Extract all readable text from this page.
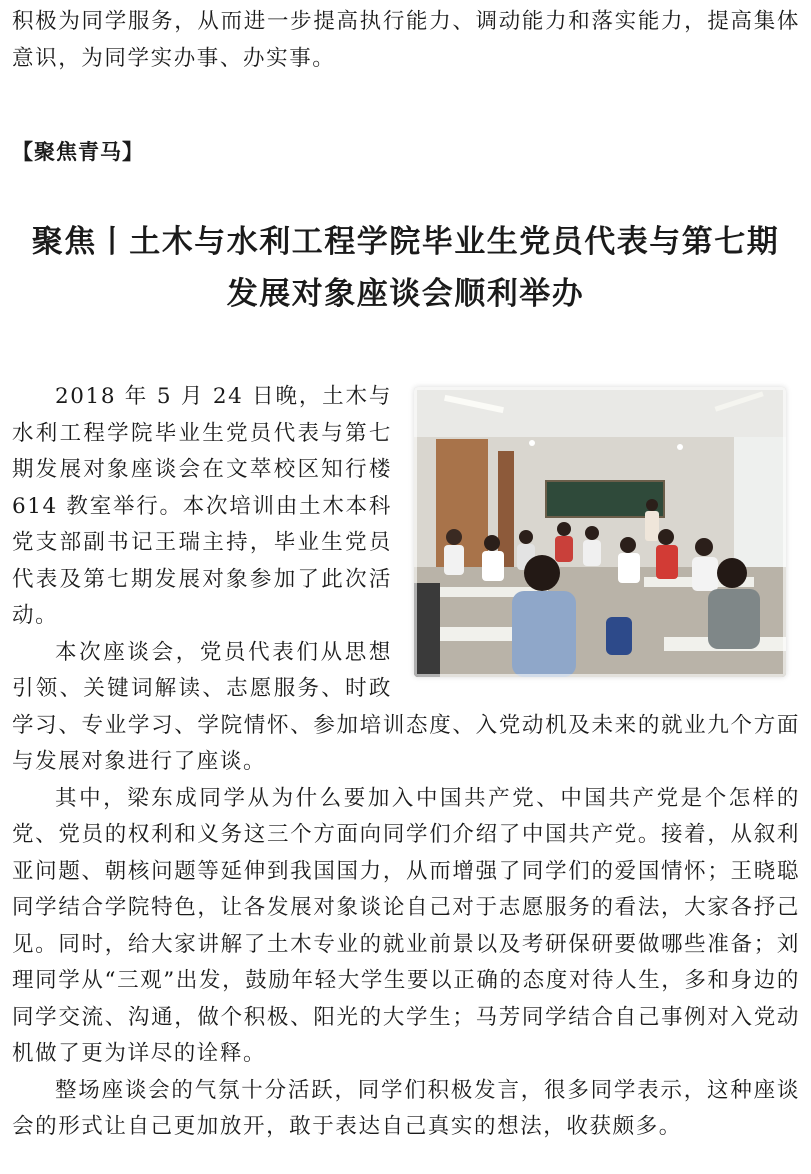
积极为同学服务，从而进一步提高执行能力、调动能力和落实能力，提高集体意识，为同学实办事、办实事。

【聚焦青马】

聚焦丨土木与水利工程学院毕业生党员代表与第七期
发展对象座谈会顺利举办

2018 年 5 月 24 日晚，土木与水利工程学院毕业生党员代表与第七期发展对象座谈会在文萃校区知行楼 614 教室举行。本次培训由土木本科党支部副书记王瑞主持，毕业生党员代表及第七期发展对象参加了此次活动。

本次座谈会，党员代表们从思想引领、关键词解读、志愿服务、时政学习、专业学习、学院情怀、参加培训态度、入党动机及未来的就业九个方面与发展对象进行了座谈。

其中，梁东成同学从为什么要加入中国共产党、中国共产党是个怎样的党、党员的权利和义务这三个方面向同学们介绍了中国共产党。接着，从叙利亚问题、朝核问题等延伸到我国国力，从而增强了同学们的爱国情怀；王晓聪同学结合学院特色，让各发展对象谈论自己对于志愿服务的看法，大家各抒己见。同时，给大家讲解了土木专业的就业前景以及考研保研要做哪些准备；刘理同学从“三观”出发，鼓励年轻大学生要以正确的态度对待人生，多和身边的同学交流、沟通，做个积极、阳光的大学生；马芳同学结合自己事例对入党动机做了更为详尽的诠释。

整场座谈会的气氛十分活跃，同学们积极发言，很多同学表示，这种座谈会的形式让自己更加放开，敢于表达自己真实的想法，收获颇多。
